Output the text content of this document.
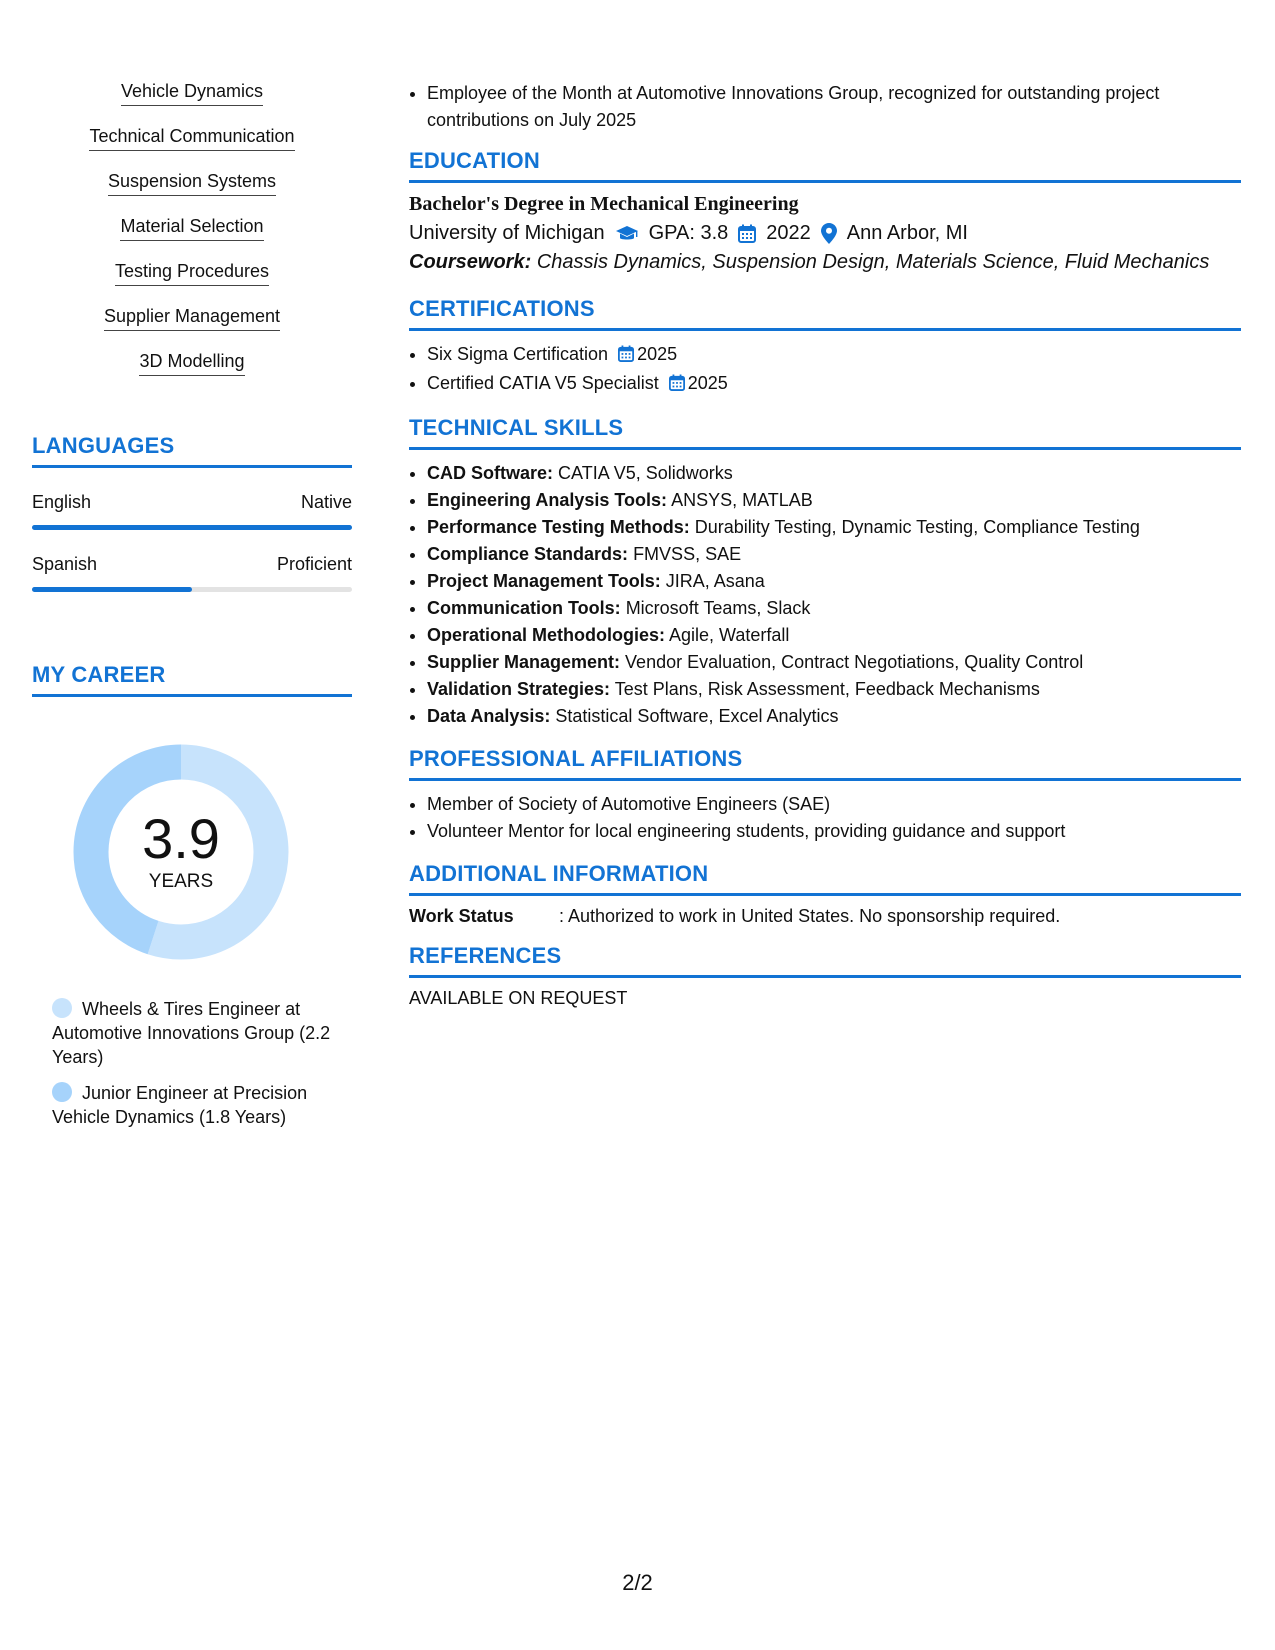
Vehicle Dynamics
Technical Communication
Suspension Systems
Material Selection
Testing Procedures
Supplier Management
3D Modelling
LANGUAGES
English	Native
Spanish	Proficient
MY CAREER
3.9
YEARS
Wheels & Tires Engineer at Automotive Innovations Group (2.2 Years)
Junior Engineer at Precision Vehicle Dynamics (1.8 Years)
• Employee of the Month at Automotive Innovations Group, recognized for outstanding project contributions on July 2025
EDUCATION
Bachelor's Degree in Mechanical Engineering
University of Michigan GPA: 3.8 2022 Ann Arbor, MI
Coursework: Chassis Dynamics, Suspension Design, Materials Science, Fluid Mechanics
CERTIFICATIONS
• Six Sigma Certification 2025
• Certified CATIA V5 Specialist 2025
TECHNICAL SKILLS
• CAD Software: CATIA V5, Solidworks
• Engineering Analysis Tools: ANSYS, MATLAB
• Performance Testing Methods: Durability Testing, Dynamic Testing, Compliance Testing
• Compliance Standards: FMVSS, SAE
• Project Management Tools: JIRA, Asana
• Communication Tools: Microsoft Teams, Slack
• Operational Methodologies: Agile, Waterfall
• Supplier Management: Vendor Evaluation, Contract Negotiations, Quality Control
• Validation Strategies: Test Plans, Risk Assessment, Feedback Mechanisms
• Data Analysis: Statistical Software, Excel Analytics
PROFESSIONAL AFFILIATIONS
• Member of Society of Automotive Engineers (SAE)
• Volunteer Mentor for local engineering students, providing guidance and support
ADDITIONAL INFORMATION
Work Status	: Authorized to work in United States. No sponsorship required.
REFERENCES
AVAILABLE ON REQUEST
2/2
